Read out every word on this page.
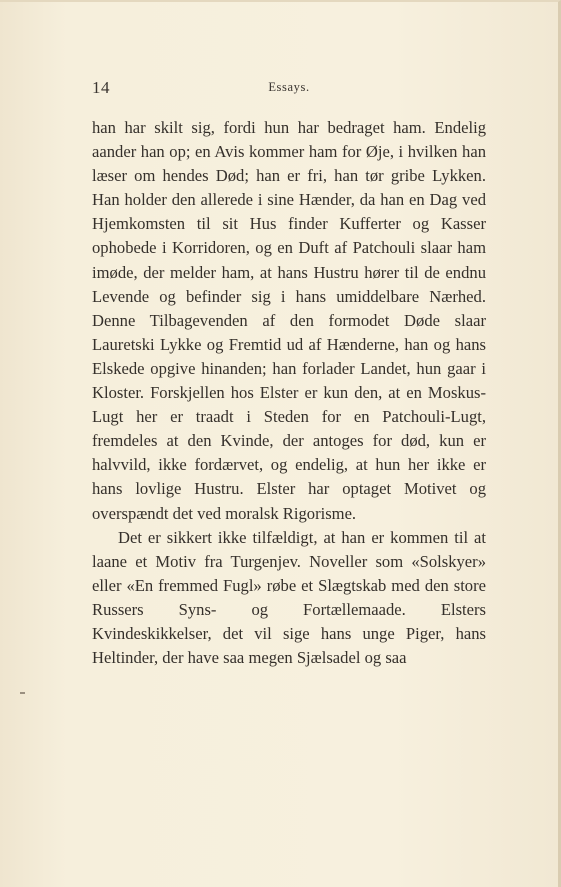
14	Essays.

han har skilt sig, fordi hun har bedraget ham. Endelig aander han op; en Avis kommer ham for Øje, i hvilken han læser om hendes Død; han er fri, han tør gribe Lykken. Han holder den allerede i sine Hænder, da han en Dag ved Hjemkomsten til sit Hus finder Kufferter og Kasser ophobede i Korridoren, og en Duft af Patchouli slaar ham imøde, der melder ham, at hans Hustru hører til de endnu Levende og befinder sig i hans umiddelbare Nærhed. Denne Tilbagevenden af den formodet Døde slaar Lauretski Lykke og Fremtid ud af Hænderne, han og hans Elskede opgive hinanden; han forlader Landet, hun gaar i Kloster. Forskjellen hos Elster er kun den, at en Moskus-Lugt her er traadt i Steden for en Patchouli-Lugt, fremdeles at den Kvinde, der antoges for død, kun er halvvild, ikke fordærvet, og endelig, at hun her ikke er hans lovlige Hustru. Elster har optaget Motivet og overspændt det ved moralsk Rigorisme.

Det er sikkert ikke tilfældigt, at han er kommen til at laane et Motiv fra Turgenjev. Noveller som «Solskyer» eller «En fremmed Fugl» røbe et Slægtskab med den store Russers Syns- og Fortællemaade. Elsters Kvindeskikkelser, det vil sige hans unge Piger, hans Heltinder, der have saa megen Sjælsadel og saa
